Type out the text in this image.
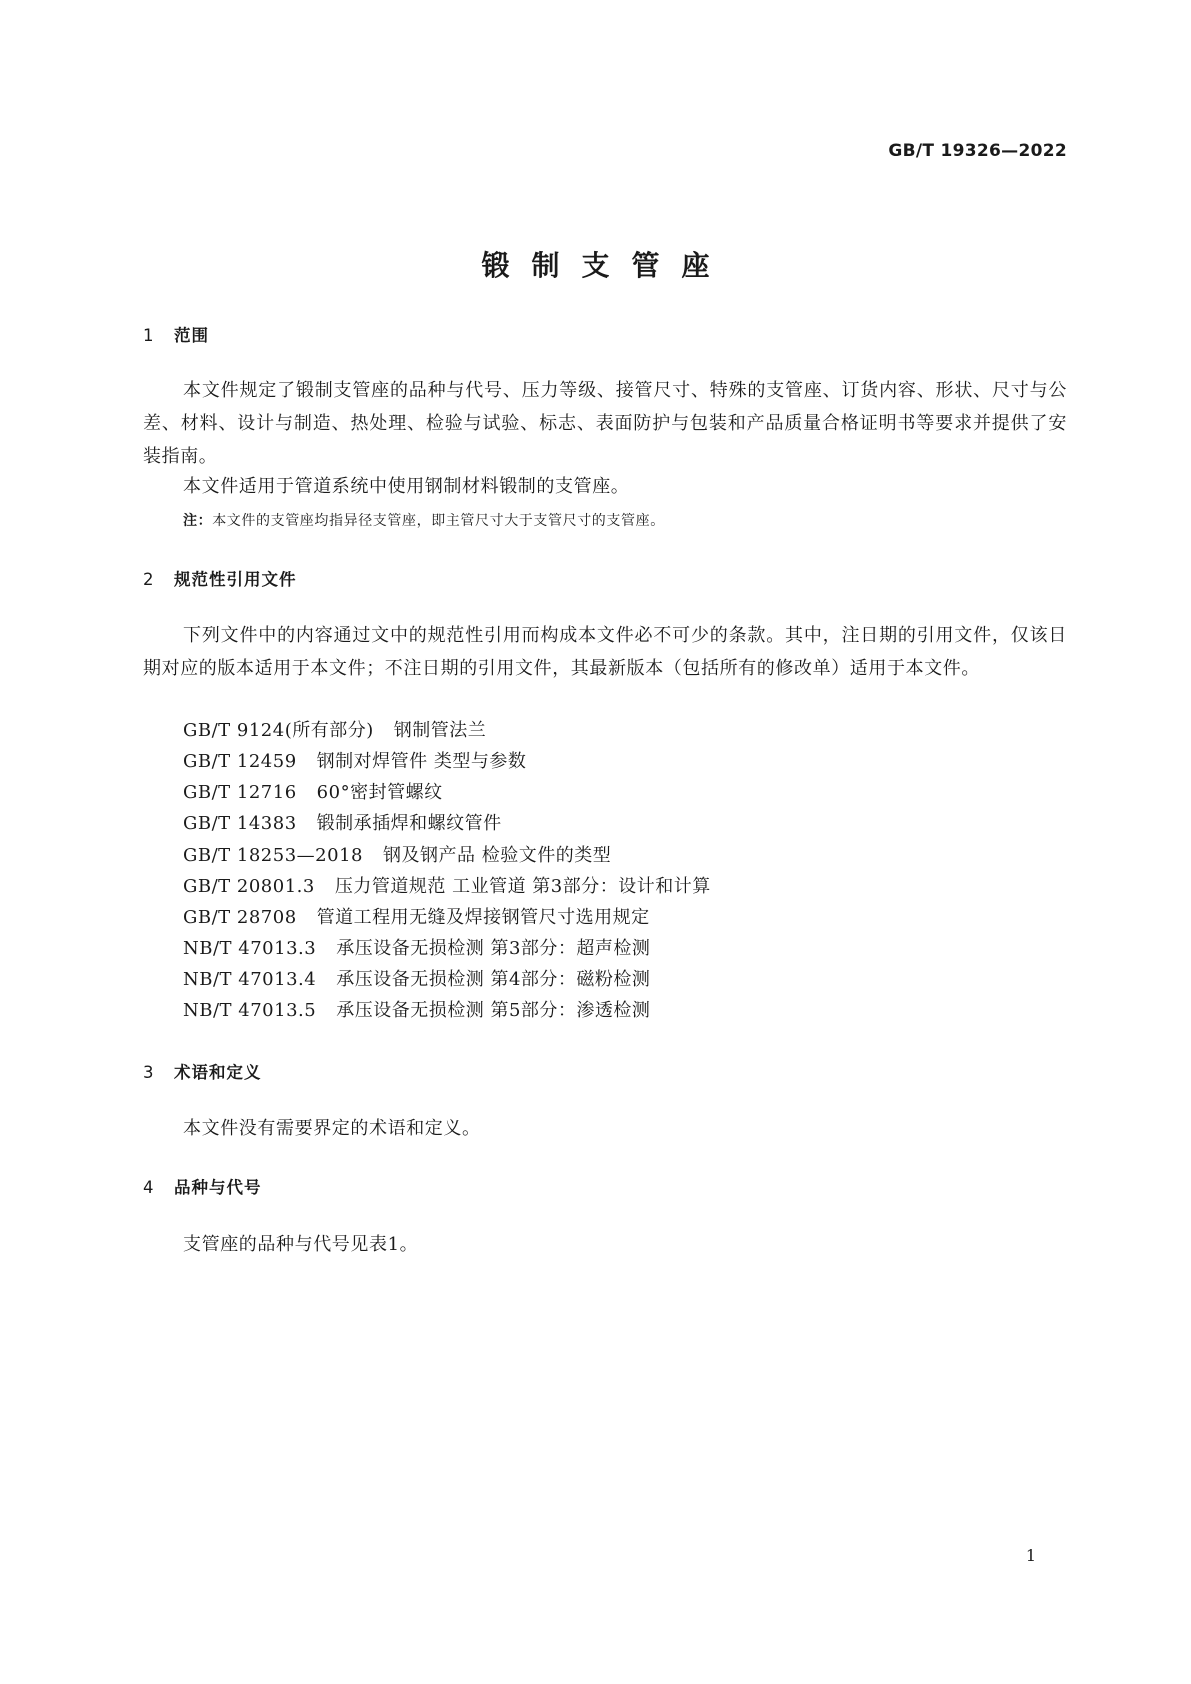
GB/T 19326—2022
锻制支管座
1 范围
本文件规定了锻制支管座的品种与代号、压力等级、接管尺寸、特殊的支管座、订货内容、形状、尺寸与公差、材料、设计与制造、热处理、检验与试验、标志、表面防护与包装和产品质量合格证明书等要求并提供了安装指南。
本文件适用于管道系统中使用钢制材料锻制的支管座。
注：本文件的支管座均指异径支管座，即主管尺寸大于支管尺寸的支管座。
2 规范性引用文件
下列文件中的内容通过文中的规范性引用而构成本文件必不可少的条款。其中，注日期的引用文件，仅该日期对应的版本适用于本文件；不注日期的引用文件，其最新版本（包括所有的修改单）适用于本文件。
GB/T 9124(所有部分) 钢制管法兰
GB/T 12459 钢制对焊管件 类型与参数
GB/T 12716 60°密封管螺纹
GB/T 14383 锻制承插焊和螺纹管件
GB/T 18253—2018 钢及钢产品 检验文件的类型
GB/T 20801.3 压力管道规范 工业管道 第3部分：设计和计算
GB/T 28708 管道工程用无缝及焊接钢管尺寸选用规定
NB/T 47013.3 承压设备无损检测 第3部分：超声检测
NB/T 47013.4 承压设备无损检测 第4部分：磁粉检测
NB/T 47013.5 承压设备无损检测 第5部分：渗透检测
3 术语和定义
本文件没有需要界定的术语和定义。
4 品种与代号
支管座的品种与代号见表1。
1
